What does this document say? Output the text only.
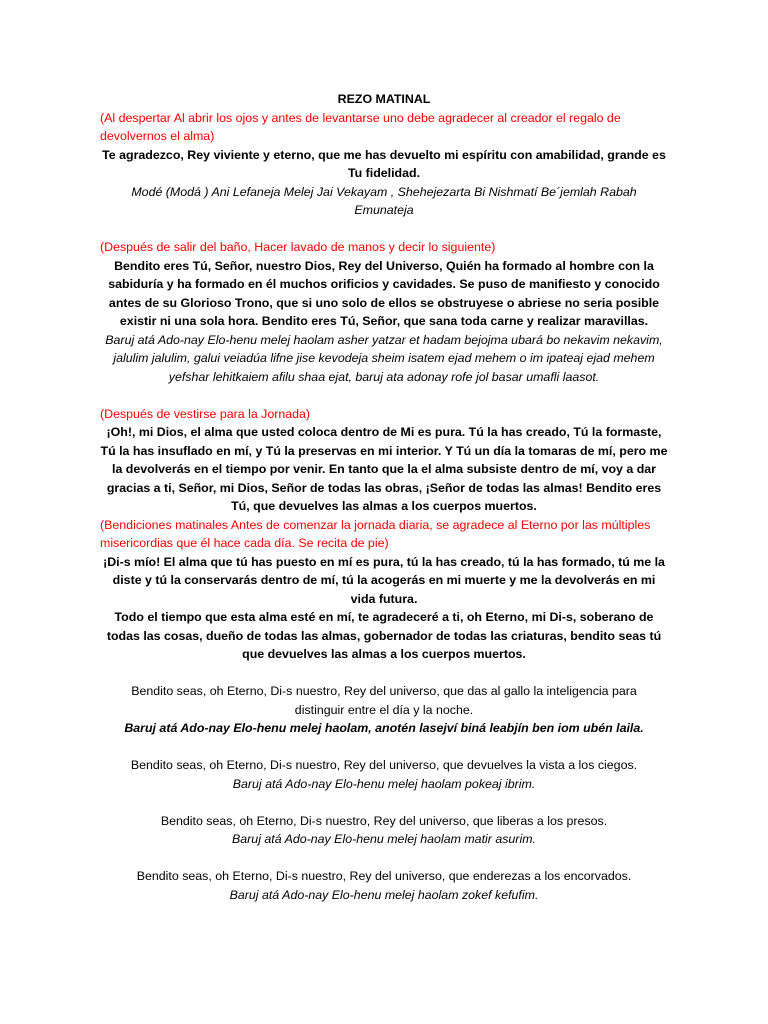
REZO MATINAL

(Al despertar Al abrir los ojos y antes de levantarse uno debe agradecer al creador el regalo de devolvernos el alma)

Te agradezco, Rey viviente y eterno, que me has devuelto mi espíritu con amabilidad, grande es Tu fidelidad.

Modé (Modá ) Ani Lefaneja Melej Jai Vekayam , Shehejezarta Bi Nishmatí Be´jemlah Rabah Emunateja

(Después de salir del baño, Hacer lavado de manos y decir lo siguiente)

Bendito eres Tú, Señor, nuestro Dios, Rey del Universo, Quién ha formado al hombre con la sabiduría y ha formado en él muchos orificios y cavidades. Se puso de manifiesto y conocido antes de su Glorioso Trono, que si uno solo de ellos se obstruyese o abriese no seria posible existir ni una sola hora. Bendito eres Tú, Señor, que sana toda carne y realizar maravillas.

Baruj atá Ado-nay Elo-henu melej haolam asher yatzar et hadam bejojma ubará bo nekavim nekavim, jalulim jalulim, galui veiadúa lifne jise kevodeja sheim isatem ejad mehem o im ipateaj ejad mehem yefshar lehitkaiem afilu shaa ejat, baruj ata adonay rofe jol basar umafli laasot.

(Después de vestirse para la Jornada)

¡Oh!, mi Dios, el alma que usted coloca dentro de Mi es pura. Tú la has creado, Tú la formaste, Tú la has insuflado en mí, y Tú la preservas en mi interior. Y Tú un día la tomaras de mí, pero me la devolverás en el tiempo por venir. En tanto que la el alma subsiste dentro de mí, voy a dar gracias a ti, Señor, mi Dios, Señor de todas las obras, ¡Señor de todas las almas! Bendito eres Tú, que devuelves las almas a los cuerpos muertos.

(Bendiciones matinales Antes de comenzar la jornada diaria, se agradece al Eterno por las múltiples misericordias que él hace cada día. Se recita de pie)

¡Di-s mío! El alma que tú has puesto en mí es pura, tú la has creado, tú la has formado, tú me la diste y tú la conservarás dentro de mí, tú la acogerás en mi muerte y me la devolverás en mi vida futura.

Todo el tiempo que esta alma esté en mí, te agradeceré a ti, oh Eterno, mi Di-s, soberano de todas las cosas, dueño de todas las almas, gobernador de todas las criaturas, bendito seas tú que devuelves las almas a los cuerpos muertos.

Bendito seas, oh Eterno, Di-s nuestro, Rey del universo, que das al gallo la inteligencia para distinguir entre el día y la noche.

Baruj atá Ado-nay Elo-henu melej haolam, anotén lasejví biná leabjín ben iom ubén laila.

Bendito seas, oh Eterno, Di-s nuestro, Rey del universo, que devuelves la vista a los ciegos.

Baruj atá Ado-nay Elo-henu melej haolam pokeaj ibrim.

Bendito seas, oh Eterno, Di-s nuestro, Rey del universo, que liberas a los presos.

Baruj atá Ado-nay Elo-henu melej haolam matir asurim.

Bendito seas, oh Eterno, Di-s nuestro, Rey del universo, que enderezas a los encorvados.

Baruj atá Ado-nay Elo-henu melej haolam zokef kefufim.
